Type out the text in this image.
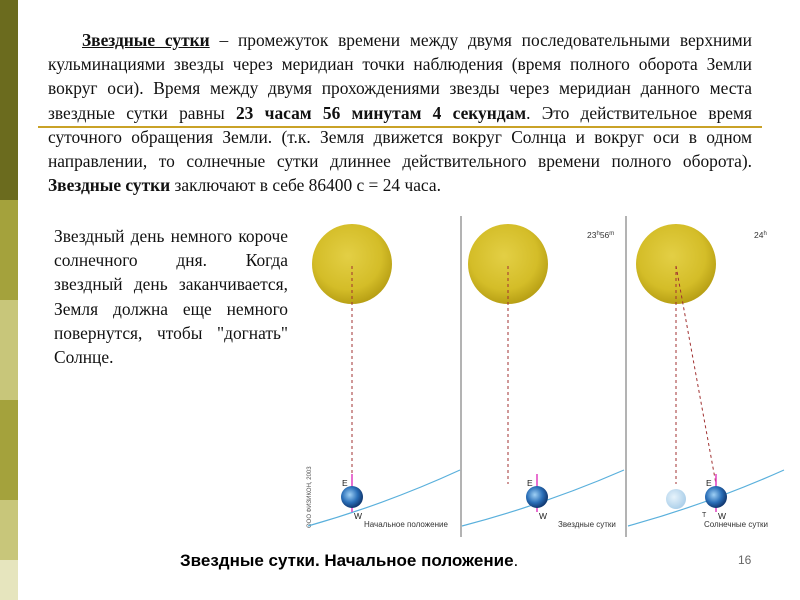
Звездные сутки – промежуток времени между двумя последовательными верхними кульминациями звезды через меридиан точки наблюдения (время полного оборота Земли вокруг оси). Время между двумя прохождениями звезды через меридиан данного места звездные сутки равны 23 часам 56 минутам 4 секундам. Это действительное время суточного обращения Земли. (т.к. Земля движется вокруг Солнца и вокруг оси в одном направлении, то солнечные сутки длиннее действительного времени полного оборота). Звездные сутки заключают в себе 86400 с = 24 часа.

Звездный день немного короче солнечного дня. Когда звездный день заканчивается, Земля должна еще немного повернутся, чтобы "догнать" Солнце.

ООО ФИЗИКОН, 2003	E
W
Начальное положение
E
W
Звездные сутки
23$^h$56$^m$
E
W
T
Солнечные сутки
24$^h$
Звездные сутки. Начальное положение.	16
